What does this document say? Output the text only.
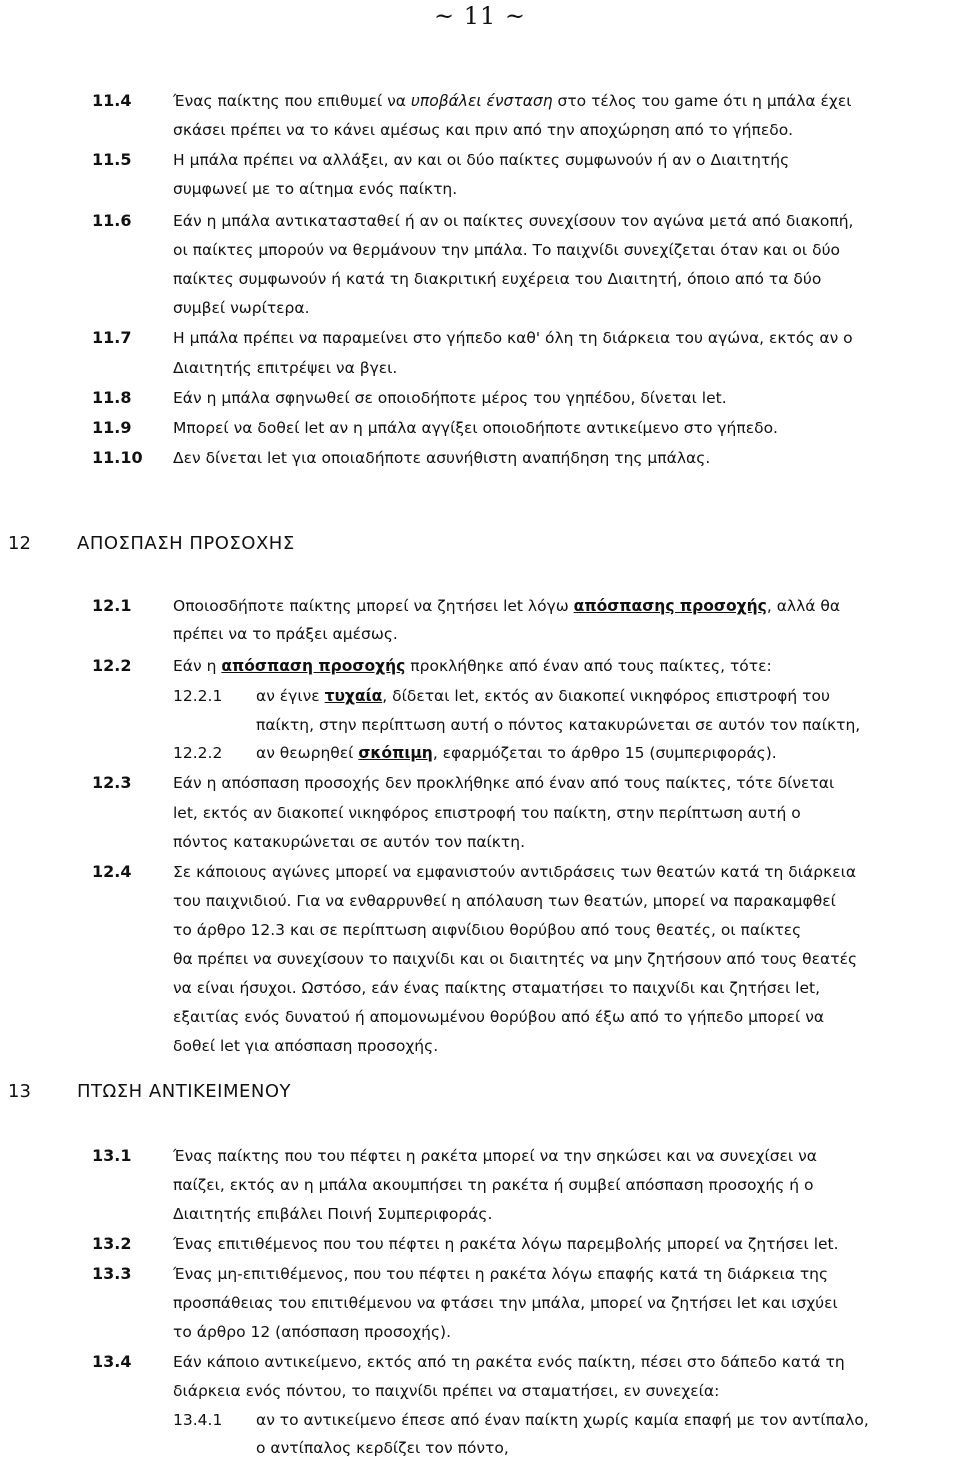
~ 11 ~
11.4	Ένας παίκτης που επιθυμεί να υποβάλει ένσταση στο τέλος του game ότι η μπάλα έχει
σκάσει πρέπει να το κάνει αμέσως και πριν από την αποχώρηση από το γήπεδο.
11.5	Η μπάλα πρέπει να αλλάξει, αν και οι δύο παίκτες συμφωνούν ή αν ο Διαιτητής
συμφωνεί με το αίτημα ενός παίκτη.
11.6	Εάν η μπάλα αντικατασταθεί ή αν οι παίκτες συνεχίσουν τον αγώνα μετά από διακοπή,
οι παίκτες μπορούν να θερμάνουν την μπάλα. Το παιχνίδι συνεχίζεται όταν και οι δύο
παίκτες συμφωνούν ή κατά τη διακριτική ευχέρεια του Διαιτητή, όποιο από τα δύο
συμβεί νωρίτερα.
11.7	Η μπάλα πρέπει να παραμείνει στο γήπεδο καθ' όλη τη διάρκεια του αγώνα, εκτός αν ο
Διαιτητής επιτρέψει να βγει.
11.8	Εάν η μπάλα σφηνωθεί σε οποιοδήποτε μέρος του γηπέδου, δίνεται let.
11.9	Μπορεί να δοθεί let αν η μπάλα αγγίξει οποιοδήποτε αντικείμενο στο γήπεδο.
11.10 Δεν δίνεται let για οποιαδήποτε ασυνήθιστη αναπήδηση της μπάλας.
12	ΑΠΟΣΠΑΣΗ ΠΡΟΣΟΧΗΣ
12.1	Οποιοσδήποτε παίκτης μπορεί να ζητήσει let λόγω απόσπασης προσοχής, αλλά θα
πρέπει να το πράξει αμέσως.
12.2	Εάν η απόσπαση προσοχής προκλήθηκε από έναν από τους παίκτες, τότε:
12.2.1 αν έγινε τυχαία, δίδεται let, εκτός αν διακοπεί νικηφόρος επιστροφή του
παίκτη, στην περίπτωση αυτή ο πόντος κατακυρώνεται σε αυτόν τον παίκτη,
12.2.2 αν θεωρηθεί σκόπιμη, εφαρμόζεται το άρθρο 15 (συμπεριφοράς).
12.3	Εάν η απόσπαση προσοχής δεν προκλήθηκε από έναν από τους παίκτες, τότε δίνεται
let, εκτός αν διακοπεί νικηφόρος επιστροφή του παίκτη, στην περίπτωση αυτή ο
πόντος κατακυρώνεται σε αυτόν τον παίκτη.
12.4	Σε κάποιους αγώνες μπορεί να εμφανιστούν αντιδράσεις των θεατών κατά τη διάρκεια
του παιχνιδιού. Για να ενθαρρυνθεί η απόλαυση των θεατών, μπορεί να παρακαμφθεί
το άρθρο 12.3 και σε περίπτωση αιφνίδιου θορύβου από τους θεατές, οι παίκτες
θα πρέπει να συνεχίσουν το παιχνίδι και οι διαιτητές να μην ζητήσουν από τους θεατές
να είναι ήσυχοι. Ωστόσο, εάν ένας παίκτης σταματήσει το παιχνίδι και ζητήσει let,
εξαιτίας ενός δυνατού ή απομονωμένου θορύβου από έξω από το γήπεδο μπορεί να
δοθεί let για απόσπαση προσοχής.
13	ΠΤΩΣΗ ΑΝΤΙΚΕΙΜΕΝΟΥ
13.1	Ένας παίκτης που του πέφτει η ρακέτα μπορεί να την σηκώσει και να συνεχίσει να
παίζει, εκτός αν η μπάλα ακουμπήσει τη ρακέτα ή συμβεί απόσπαση προσοχής ή ο
Διαιτητής επιβάλει Ποινή Συμπεριφοράς.
13.2	Ένας επιτιθέμενος που του πέφτει η ρακέτα λόγω παρεμβολής μπορεί να ζητήσει let.
13.3	Ένας μη-επιτιθέμενος, που του πέφτει η ρακέτα λόγω επαφής κατά τη διάρκεια της
προσπάθειας του επιτιθέμενου να φτάσει την μπάλα, μπορεί να ζητήσει let και ισχύει
το άρθρο 12 (απόσπαση προσοχής).
13.4	Εάν κάποιο αντικείμενο, εκτός από τη ρακέτα ενός παίκτη, πέσει στο δάπεδο κατά τη
διάρκεια ενός πόντου, το παιχνίδι πρέπει να σταματήσει, εν συνεχεία:
13.4.1 αν το αντικείμενο έπεσε από έναν παίκτη χωρίς καμία επαφή με τον αντίπαλο,
ο αντίπαλος κερδίζει τον πόντο,
